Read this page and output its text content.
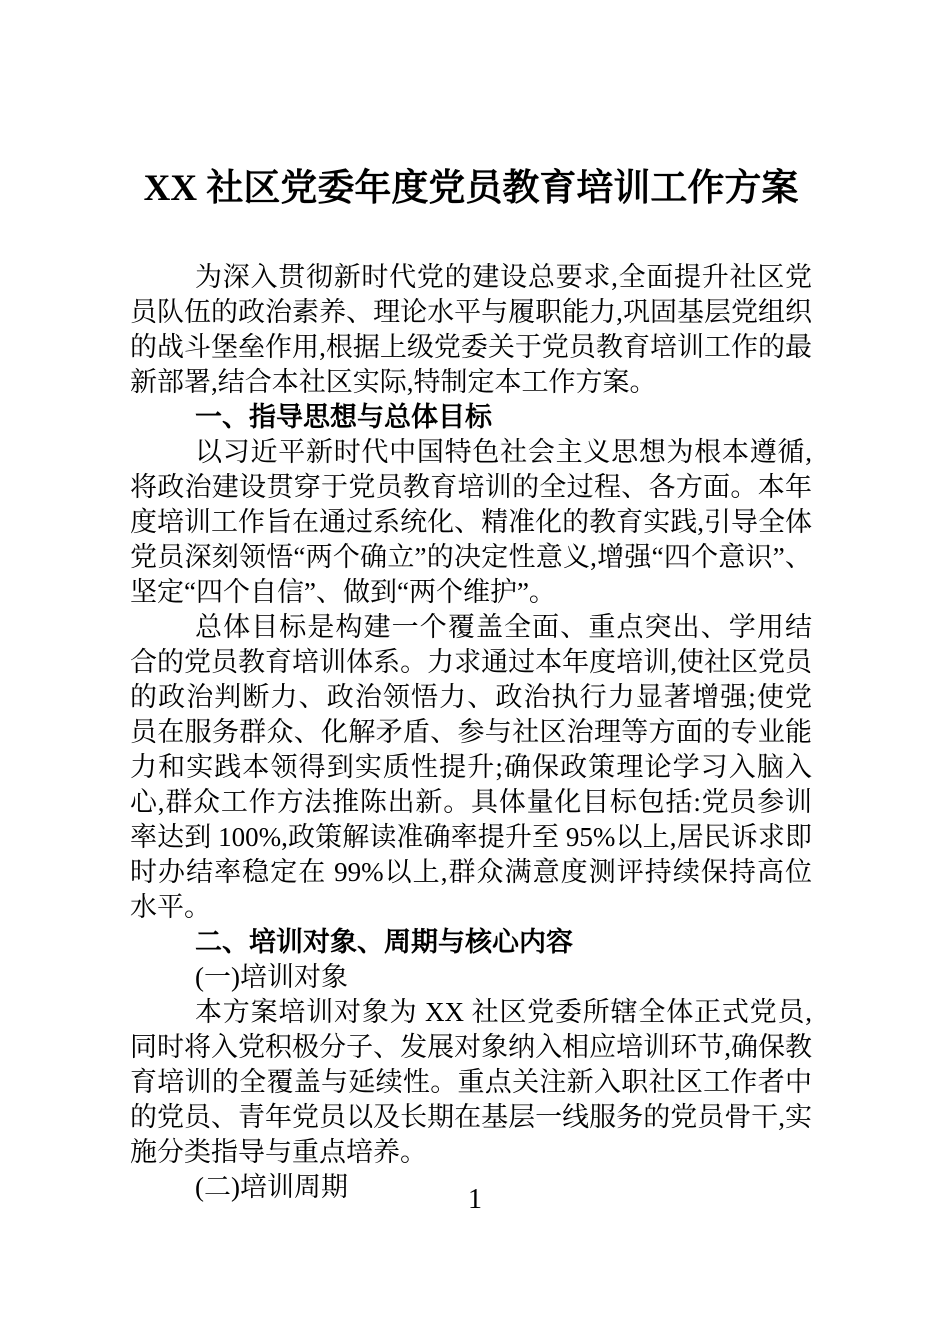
XX 社区党委年度党员教育培训工作方案

为深入贯彻新时代党的建设总要求,全面提升社区党员队伍的政治素养、理论水平与履职能力,巩固基层党组织的战斗堡垒作用,根据上级党委关于党员教育培训工作的最新部署,结合本社区实际,特制定本工作方案。

一、指导思想与总体目标

以习近平新时代中国特色社会主义思想为根本遵循,将政治建设贯穿于党员教育培训的全过程、各方面。本年度培训工作旨在通过系统化、精准化的教育实践,引导全体党员深刻领悟“两个确立”的决定性意义,增强“四个意识”、坚定“四个自信”、做到“两个维护”。

总体目标是构建一个覆盖全面、重点突出、学用结合的党员教育培训体系。力求通过本年度培训,使社区党员的政治判断力、政治领悟力、政治执行力显著增强;使党员在服务群众、化解矛盾、参与社区治理等方面的专业能力和实践本领得到实质性提升;确保政策理论学习入脑入心,群众工作方法推陈出新。具体量化目标包括:党员参训率达到 100%,政策解读准确率提升至 95%以上,居民诉求即时办结率稳定在 99%以上,群众满意度测评持续保持高位水平。

二、培训对象、周期与核心内容

(一)培训对象

本方案培训对象为 XX 社区党委所辖全体正式党员,同时将入党积极分子、发展对象纳入相应培训环节,确保教育培训的全覆盖与延续性。重点关注新入职社区工作者中的党员、青年党员以及长期在基层一线服务的党员骨干,实施分类指导与重点培养。

(二)培训周期	1
